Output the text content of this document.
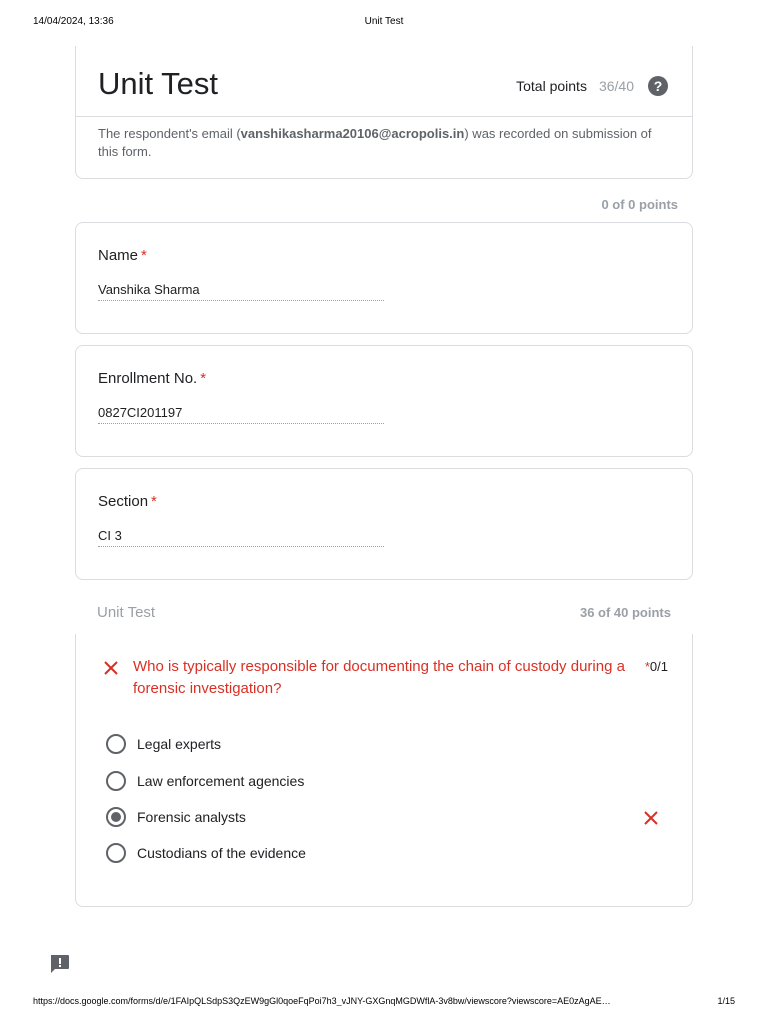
14/04/2024, 13:36	Unit Test
Unit Test	Total points 36/40	?
The respondent's email (vanshikasharma20106@acropolis.in) was recorded on submission of this form.
0 of 0 points
Name *
Vanshika Sharma
Enrollment No. *
0827CI201197
Section *
CI 3
Unit Test	36 of 40 points
Who is typically responsible for documenting the chain of custody during a forensic investigation?
*0/1
Legal experts
Law enforcement agencies
Forensic analysts
Custodians of the evidence
https://docs.google.com/forms/d/e/1FAIpQLSdpS3QzEW9gGl0qoeFqPoi7h3_vJNY-GXGnqMGDWflA-3v8bw/viewscore?viewscore=AE0zAgAE…	1/15
